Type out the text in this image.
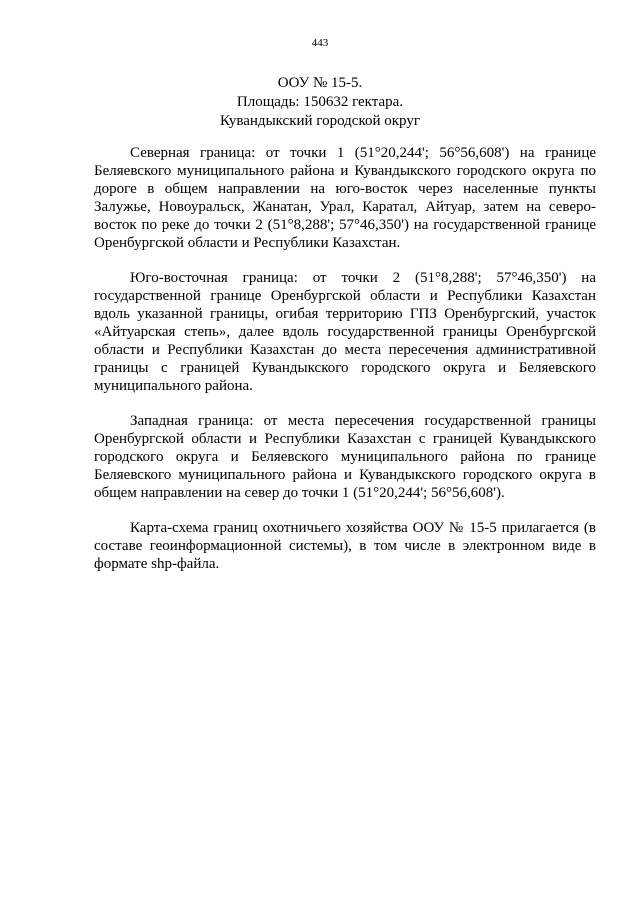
443
ООУ № 15-5.
Площадь: 150632 гектара.
Кувандыкский городской округ

Северная граница: от точки 1 (51°20,244'; 56°56,608') на границе Беляевского муниципального района и Кувандыкского городского округа по дороге в общем направлении на юго-восток через населенные пункты Залужье, Новоуральск, Жанатан, Урал, Каратал, Айтуар, затем на северо-восток по реке до точки 2 (51°8,288'; 57°46,350') на государственной границе Оренбургской области и Республики Казахстан.

Юго-восточная граница: от точки 2 (51°8,288'; 57°46,350') на государственной границе Оренбургской области и Республики Казахстан вдоль указанной границы, огибая территорию ГПЗ Оренбургский, участок «Айтуарская степь», далее вдоль государственной границы Оренбургской области и Республики Казахстан до места пересечения административной границы с границей Кувандыкского городского округа и Беляевского муниципального района.

Западная граница: от места пересечения государственной границы Оренбургской области и Республики Казахстан с границей Кувандыкского городского округа и Беляевского муниципального района по границе Беляевского муниципального района и Кувандыкского городского округа в общем направлении на север до точки 1 (51°20,244'; 56°56,608').

Карта-схема границ охотничьего хозяйства ООУ № 15-5 прилагается (в составе геоинформационной системы), в том числе в электронном виде в формате shp-файла.
